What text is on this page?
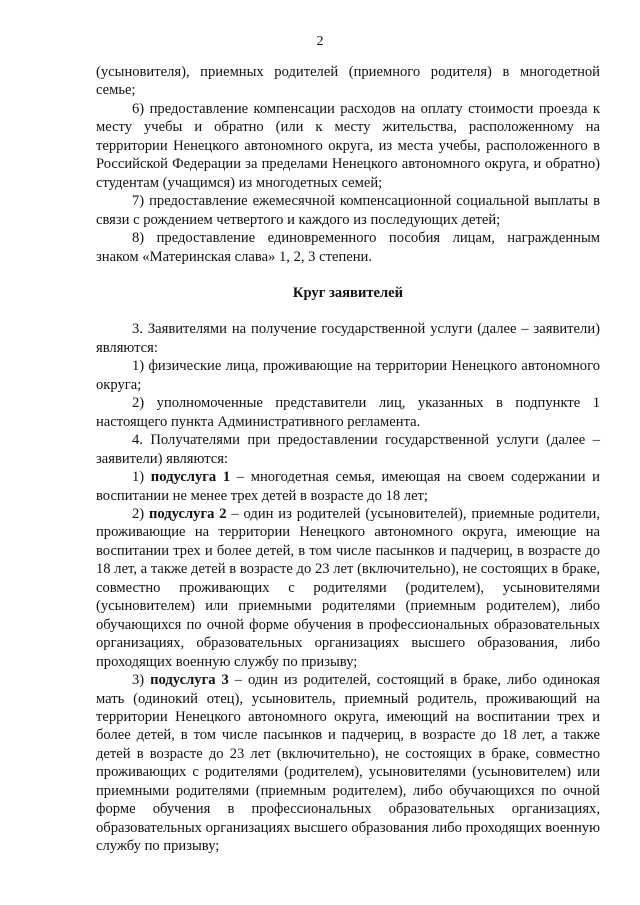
2

(усыновителя), приемных родителей (приемного родителя) в многодетной семье;

6) предоставление компенсации расходов на оплату стоимости проезда к месту учебы и обратно (или к месту жительства, расположенному на территории Ненецкого автономного округа, из места учебы, расположенного в Российской Федерации за пределами Ненецкого автономного округа, и обратно) студентам (учащимся) из многодетных семей;

7) предоставление ежемесячной компенсационной социальной выплаты в связи с рождением четвертого и каждого из последующих детей;

8) предоставление единовременного пособия лицам, награжденным знаком «Материнская слава» 1, 2, 3 степени.

Круг заявителей

3. Заявителями на получение государственной услуги (далее – заявители) являются:

1) физические лица, проживающие на территории Ненецкого автономного округа;

2) уполномоченные представители лиц, указанных в подпункте 1 настоящего пункта Административного регламента.

4. Получателями при предоставлении государственной услуги (далее – заявители) являются:

1) подуслуга 1 – многодетная семья, имеющая на своем содержании и воспитании не менее трех детей в возрасте до 18 лет;

2) подуслуга 2 – один из родителей (усыновителей), приемные родители, проживающие на территории Ненецкого автономного округа, имеющие на воспитании трех и более детей, в том числе пасынков и падчериц, в возрасте до 18 лет, а также детей в возрасте до 23 лет (включительно), не состоящих в браке, совместно проживающих с родителями (родителем), усыновителями (усыновителем) или приемными родителями (приемным родителем), либо обучающихся по очной форме обучения в профессиональных образовательных организациях, образовательных организациях высшего образования, либо проходящих военную службу по призыву;

3) подуслуга 3 – один из родителей, состоящий в браке, либо одинокая мать (одинокий отец), усыновитель, приемный родитель, проживающий на территории Ненецкого автономного округа, имеющий на воспитании трех и более детей, в том числе пасынков и падчериц, в возрасте до 18 лет, а также детей в возрасте до 23 лет (включительно), не состоящих в браке, совместно проживающих с родителями (родителем), усыновителями (усыновителем) или приемными родителями (приемным родителем), либо обучающихся по очной форме обучения в профессиональных образовательных организациях, образовательных организациях высшего образования либо проходящих военную службу по призыву;
